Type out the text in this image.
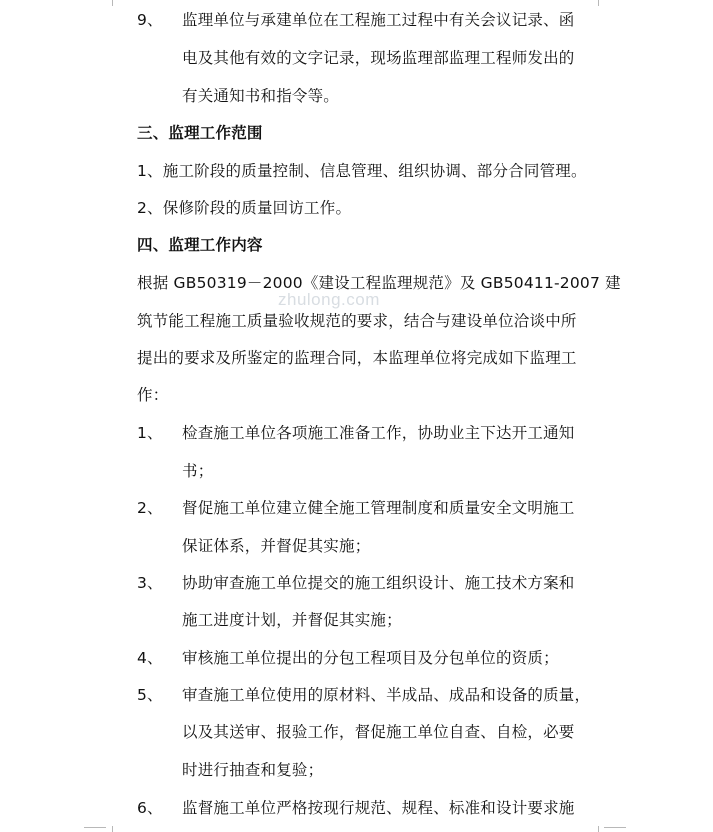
zhulong.com
9、 监理单位与承建单位在工程施工过程中有关会议记录、函
电及其他有效的文字记录，现场监理部监理工程师发出的
有关通知书和指令等。
三、监理工作范围
1、施工阶段的质量控制、信息管理、组织协调、部分合同管理。
2、保修阶段的质量回访工作。
四、监理工作内容
根据 GB50319－2000《建设工程监理规范》及 GB50411-2007 建
筑节能工程施工质量验收规范的要求，结合与建设单位洽谈中所
提出的要求及所鉴定的监理合同，本监理单位将完成如下监理工
作：
1、 检查施工单位各项施工准备工作，协助业主下达开工通知
书；
2、 督促施工单位建立健全施工管理制度和质量安全文明施工
保证体系，并督促其实施；
3、 协助审查施工单位提交的施工组织设计、施工技术方案和
施工进度计划，并督促其实施；
4、 审核施工单位提出的分包工程项目及分包单位的资质；
5、 审查施工单位使用的原材料、半成品、成品和设备的质量，
以及其送审、报验工作，督促施工单位自查、自检，必要
时进行抽查和复验；
6、 监督施工单位严格按现行规范、规程、标准和设计要求施
